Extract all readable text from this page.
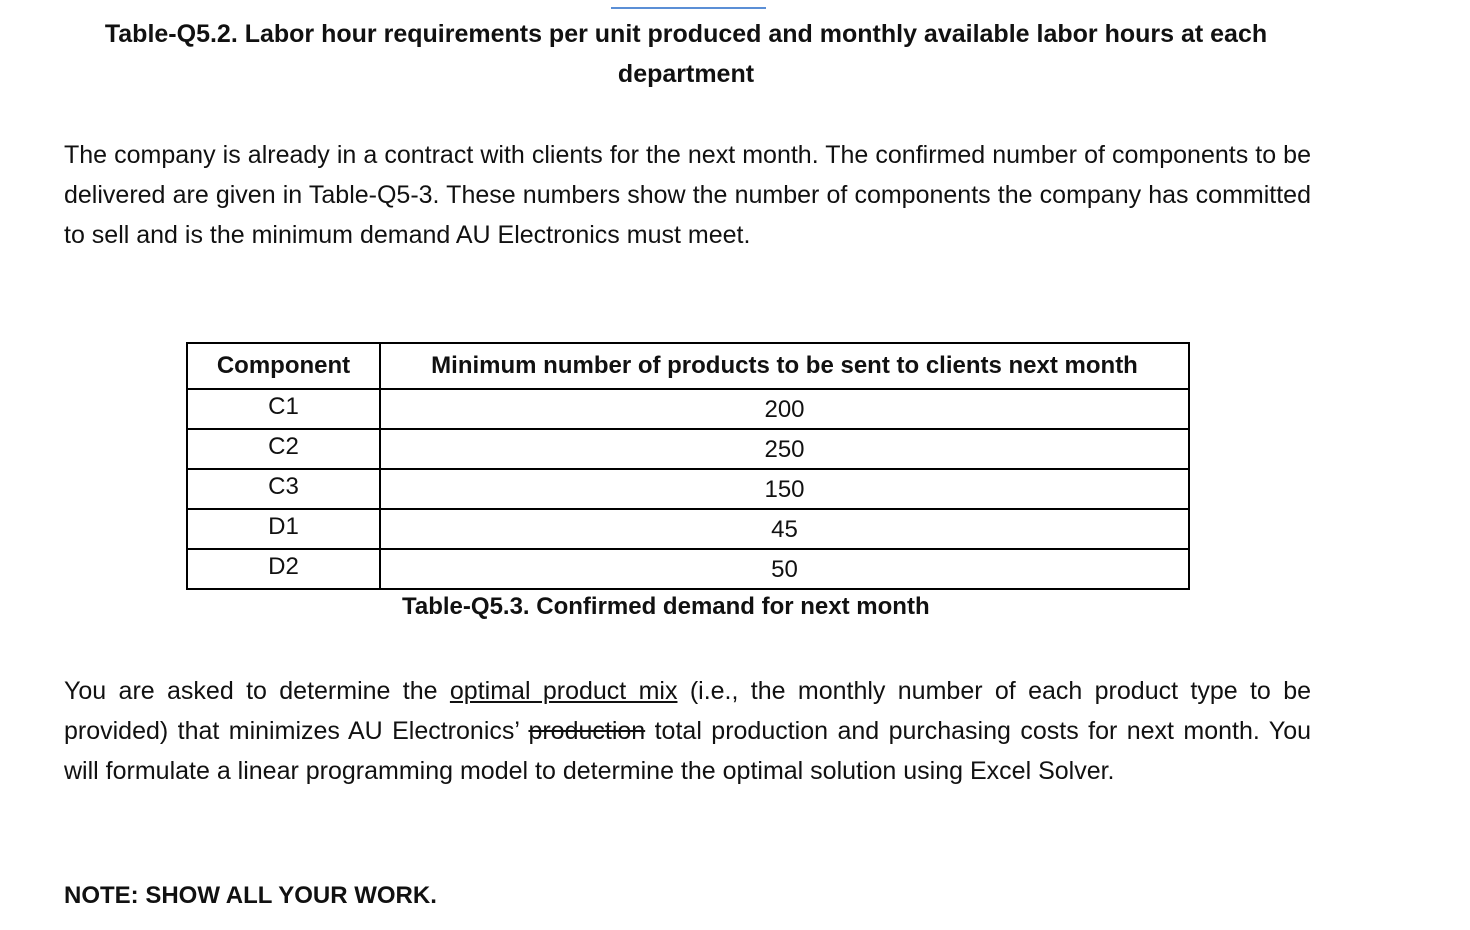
Table-Q5.2. Labor hour requirements per unit produced and monthly available labor hours at each department
The company is already in a contract with clients for the next month. The confirmed number of components to be delivered are given in Table-Q5-3. These numbers show the number of components the company has committed to sell and is the minimum demand AU Electronics must meet.
Component	Minimum number of products to be sent to clients next month
C1	200
C2	250
C3	150
D1	45
D2	50
Table-Q5.3. Confirmed demand for next month
You are asked to determine the optimal product mix (i.e., the monthly number of each product type to be provided) that minimizes AU Electronics’ production total production and purchasing costs for next month. You will formulate a linear programming model to determine the optimal solution using Excel Solver.
NOTE: SHOW ALL YOUR WORK.
